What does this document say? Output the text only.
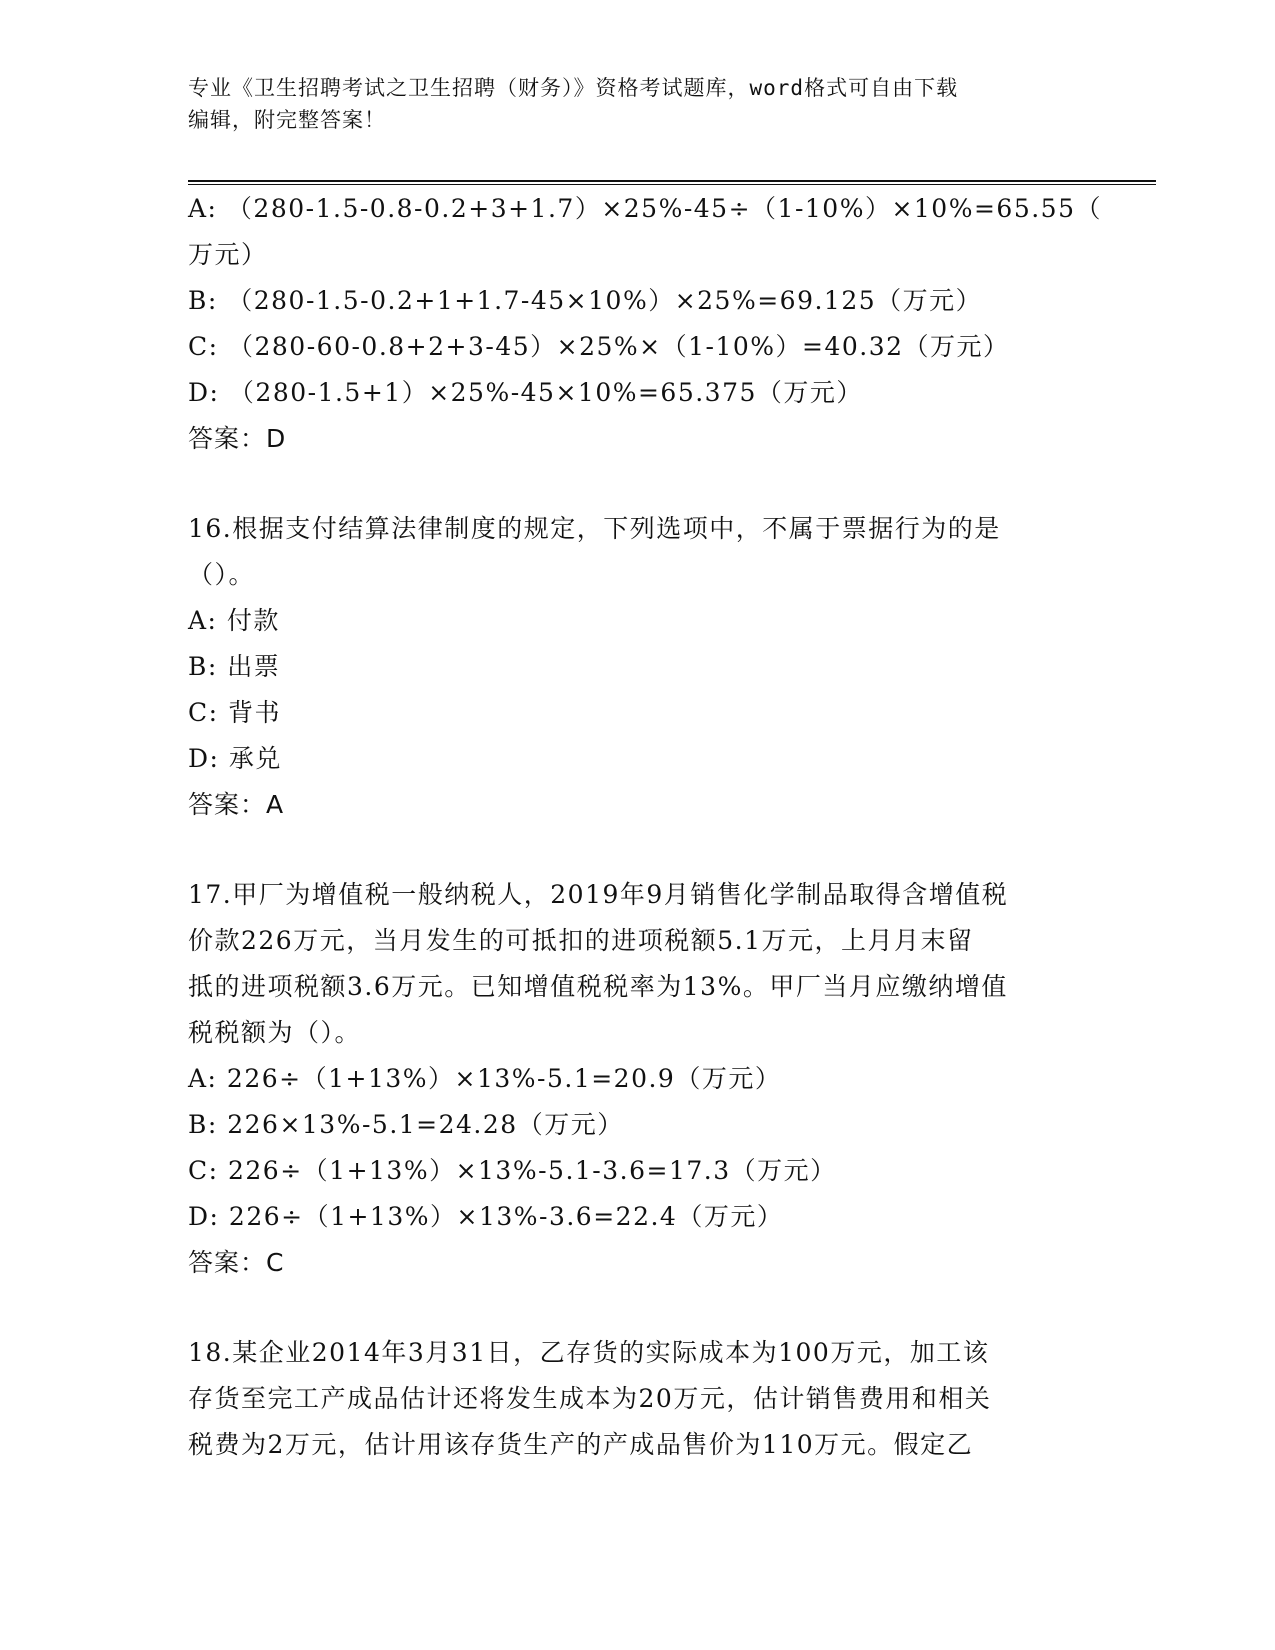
专业《卫生招聘考试之卫生招聘（财务）》资格考试题库，word格式可自由下载
编辑，附完整答案！
A: （280-1.5-0.8-0.2+3+1.7）×25%-45÷（1-10%）×10%=65.55（
万元）
B: （280-1.5-0.2+1+1.7-45×10%）×25%=69.125（万元）
C: （280-60-0.8+2+3-45）×25%×（1-10%）=40.32（万元）
D: （280-1.5+1）×25%-45×10%=65.375（万元）
答案：D
16.根据支付结算法律制度的规定，下列选项中，不属于票据行为的是
（）。
A: 付款
B: 出票
C: 背书
D: 承兑
答案：A
17.甲厂为增值税一般纳税人，2019年9月销售化学制品取得含增值税
价款226万元，当月发生的可抵扣的进项税额5.1万元，上月月末留
抵的进项税额3.6万元。已知增值税税率为13%。甲厂当月应缴纳增值
税税额为（）。
A: 226÷（1+13%）×13%-5.1=20.9（万元）
B: 226×13%-5.1=24.28（万元）
C: 226÷（1+13%）×13%-5.1-3.6=17.3（万元）
D: 226÷（1+13%）×13%-3.6=22.4（万元）
答案：C
18.某企业2014年3月31日，乙存货的实际成本为100万元，加工该
存货至完工产成品估计还将发生成本为20万元，估计销售费用和相关
税费为2万元，估计用该存货生产的产成品售价为110万元。假定乙
